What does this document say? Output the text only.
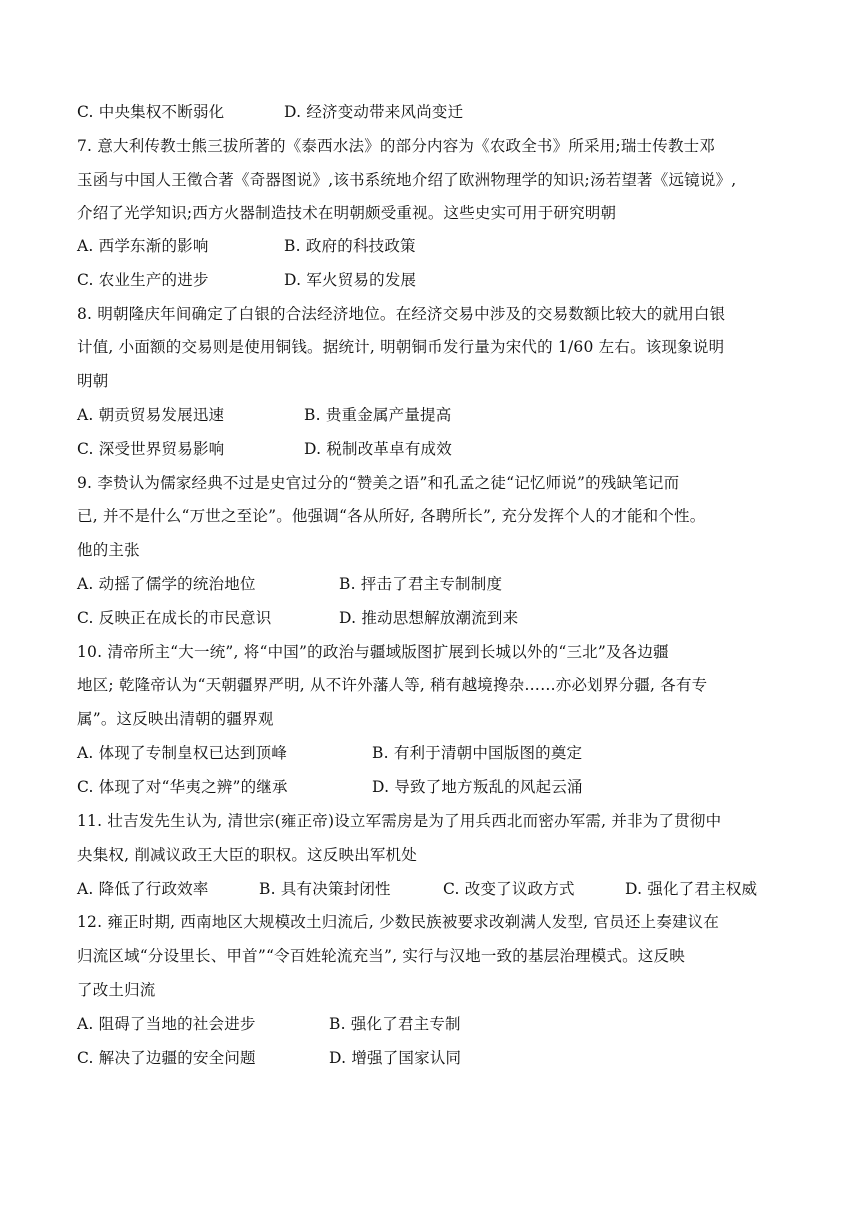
C. 中央集权不断弱化	D. 经济变动带来风尚变迁
7. 意大利传教士熊三拔所著的《泰西水法》的部分内容为《农政全书》所采用;瑞士传教士邓
玉函与中国人王徵合著《奇器图说》,该书系统地介绍了欧洲物理学的知识;汤若望著《远镜说》,
介绍了光学知识;西方火器制造技术在明朝颇受重视。这些史实可用于研究明朝
A. 西学东渐的影响	B. 政府的科技政策
C. 农业生产的进步	D. 军火贸易的发展
8. 明朝隆庆年间确定了白银的合法经济地位。在经济交易中涉及的交易数额比较大的就用白银
计值, 小面额的交易则是使用铜钱。据统计, 明朝铜币发行量为宋代的 1/60 左右。该现象说明
明朝
A. 朝贡贸易发展迅速	B. 贵重金属产量提高
C. 深受世界贸易影响	D. 税制改革卓有成效
9. 李贽认为儒家经典不过是史官过分的“赞美之语”和孔孟之徒“记忆师说”的残缺笔记而
已, 并不是什么“万世之至论”。他强调“各从所好, 各聘所长”, 充分发挥个人的才能和个性。
他的主张
A. 动摇了儒学的统治地位	B. 抨击了君主专制制度
C. 反映正在成长的市民意识	D. 推动思想解放潮流到来
10. 清帝所主“大一统”, 将“中国”的政治与疆域版图扩展到长城以外的“三北”及各边疆
地区; 乾隆帝认为“天朝疆界严明, 从不许外藩人等, 稍有越境搀杂……亦必划界分疆, 各有专
属”。这反映出清朝的疆界观
A. 体现了专制皇权已达到顶峰	B. 有利于清朝中国版图的奠定
C. 体现了对“华夷之辨”的继承	D. 导致了地方叛乱的风起云涌
11. 壮吉发先生认为, 清世宗(雍正帝)设立军需房是为了用兵西北而密办军需, 并非为了贯彻中
央集权, 削减议政王大臣的职权。这反映出军机处
A. 降低了行政效率	B. 具有决策封闭性	C. 改变了议政方式	D. 强化了君主权威
12. 雍正时期, 西南地区大规模改土归流后, 少数民族被要求改剃满人发型, 官员还上奏建议在
归流区域“分设里长、甲首”“令百姓轮流充当”, 实行与汉地一致的基层治理模式。这反映
了改土归流
A. 阻碍了当地的社会进步	B. 强化了君主专制
C. 解决了边疆的安全问题	D. 增强了国家认同
